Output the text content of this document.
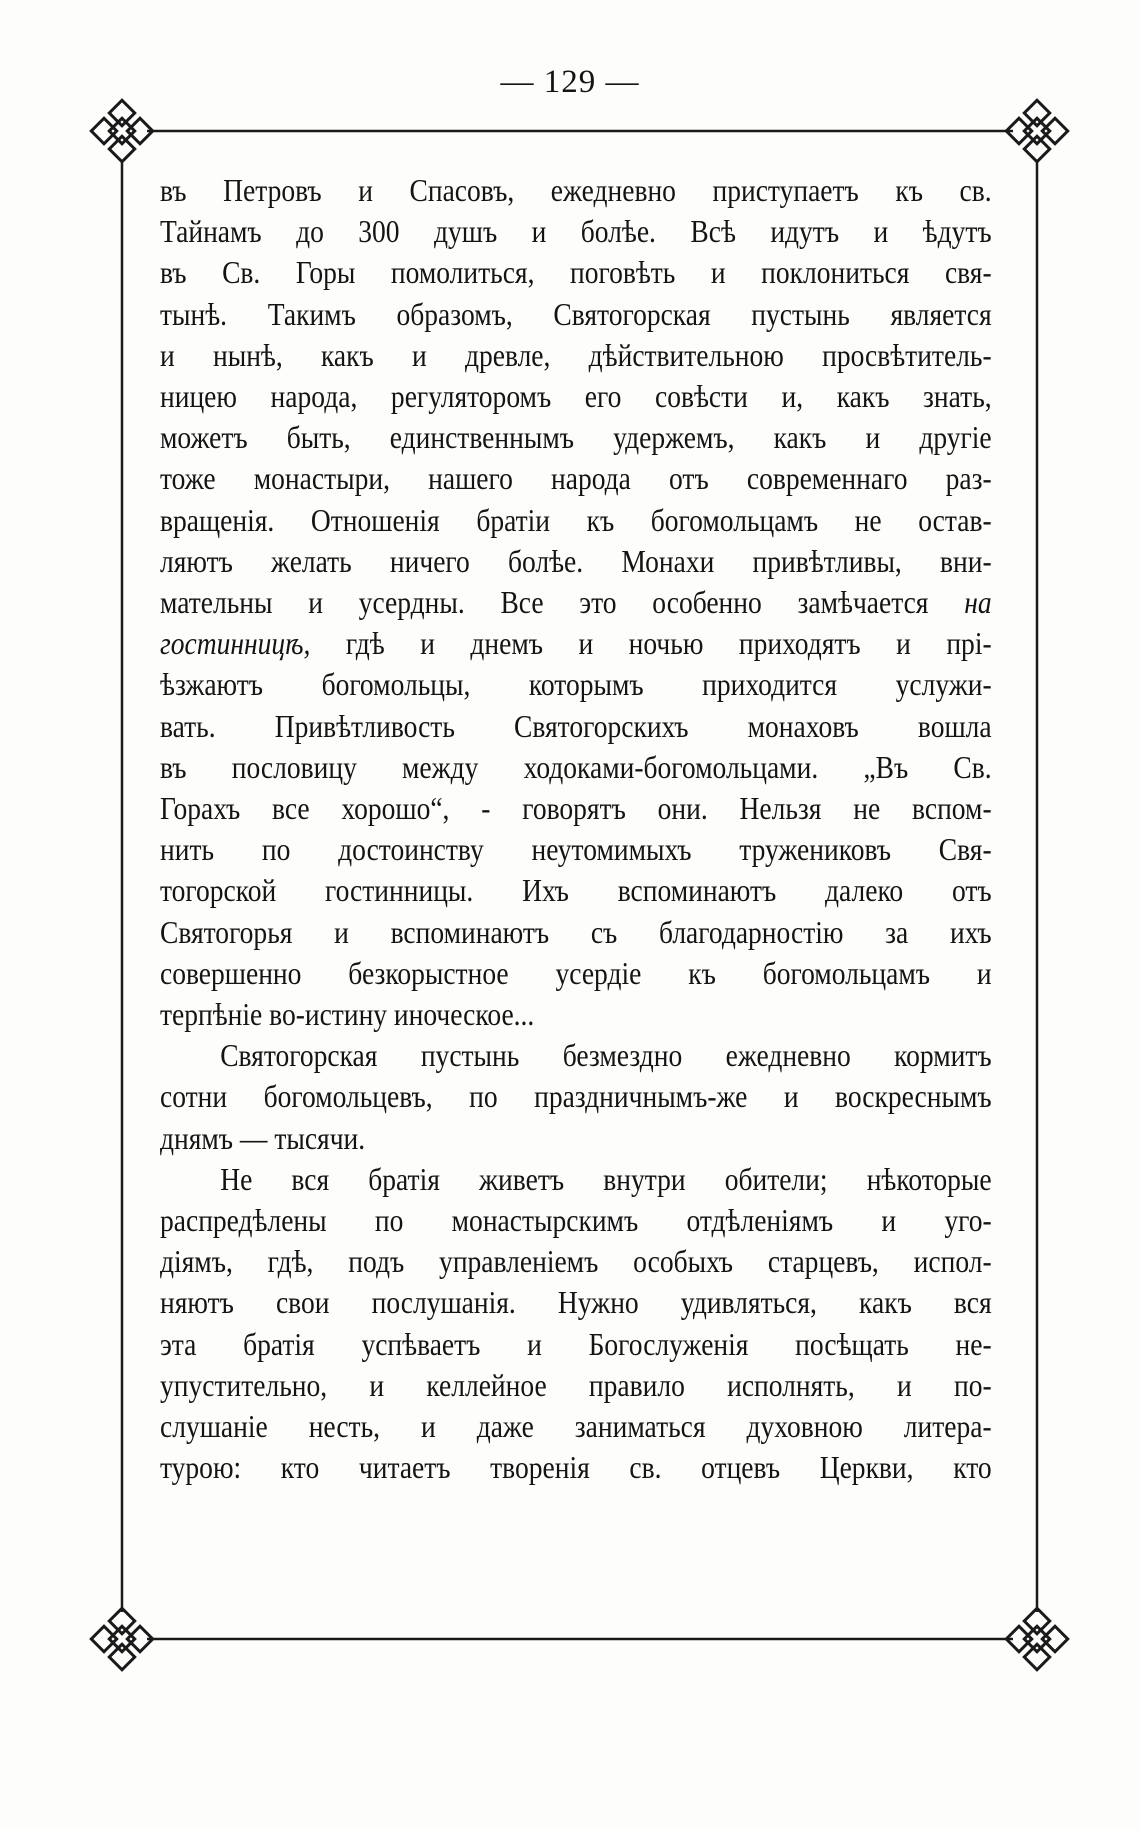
— 129 —
въ Петровъ и Спасовъ, ежедневно приступаетъ къ св.
Тайнамъ до 300 душъ и болѣе. Всѣ идутъ и ѣдутъ
въ Св. Горы помолиться, поговѣть и поклониться свя-
тынѣ. Такимъ образомъ, Святогорская пустынь является
и нынѣ, какъ и древле, дѣйствительною просвѣтитель-
ницею народа, регуляторомъ его совѣсти и, какъ знать,
можетъ быть, единственнымъ удержемъ, какъ и другіе
тоже монастыри, нашего народа отъ современнаго раз-
вращенія. Отношенія братіи къ богомольцамъ не остав-
ляютъ желать ничего болѣе. Монахи привѣтливы, вни-
мательны и усердны. Все это особенно замѣчается на
гостинницѣ, гдѣ и днемъ и ночью приходятъ и прі-
ѣзжаютъ богомольцы, которымъ приходится услужи-
вать. Привѣтливость Святогорскихъ монаховъ вошла
въ пословицу между ходоками-богомольцами. „Въ Св.
Горахъ все хорошо“, - говорятъ они. Нельзя не вспом-
нить по достоинству неутомимыхъ тружениковъ Свя-
тогорской гостинницы. Ихъ вспоминаютъ далеко отъ
Святогорья и вспоминаютъ съ благодарностію за ихъ
совершенно безкорыстное усердіе къ богомольцамъ и
терпѣніе во-истину иноческое...
Святогорская пустынь безмездно ежедневно кормитъ
сотни богомольцевъ, по праздничнымъ-же и воскреснымъ
днямъ — тысячи.
Не вся братія живетъ внутри обители; нѣкоторые
распредѣлены по монастырскимъ отдѣленіямъ и уго-
діямъ, гдѣ, подъ управленіемъ особыхъ старцевъ, испол-
няютъ свои послушанія. Нужно удивляться, какъ вся
эта братія успѣваетъ и Богослуженія посѣщать не-
упустительно, и келлейное правило исполнять, и по-
слушаніе несть, и даже заниматься духовною литера-
турою: кто читаетъ творенія св. отцевъ Церкви, кто
